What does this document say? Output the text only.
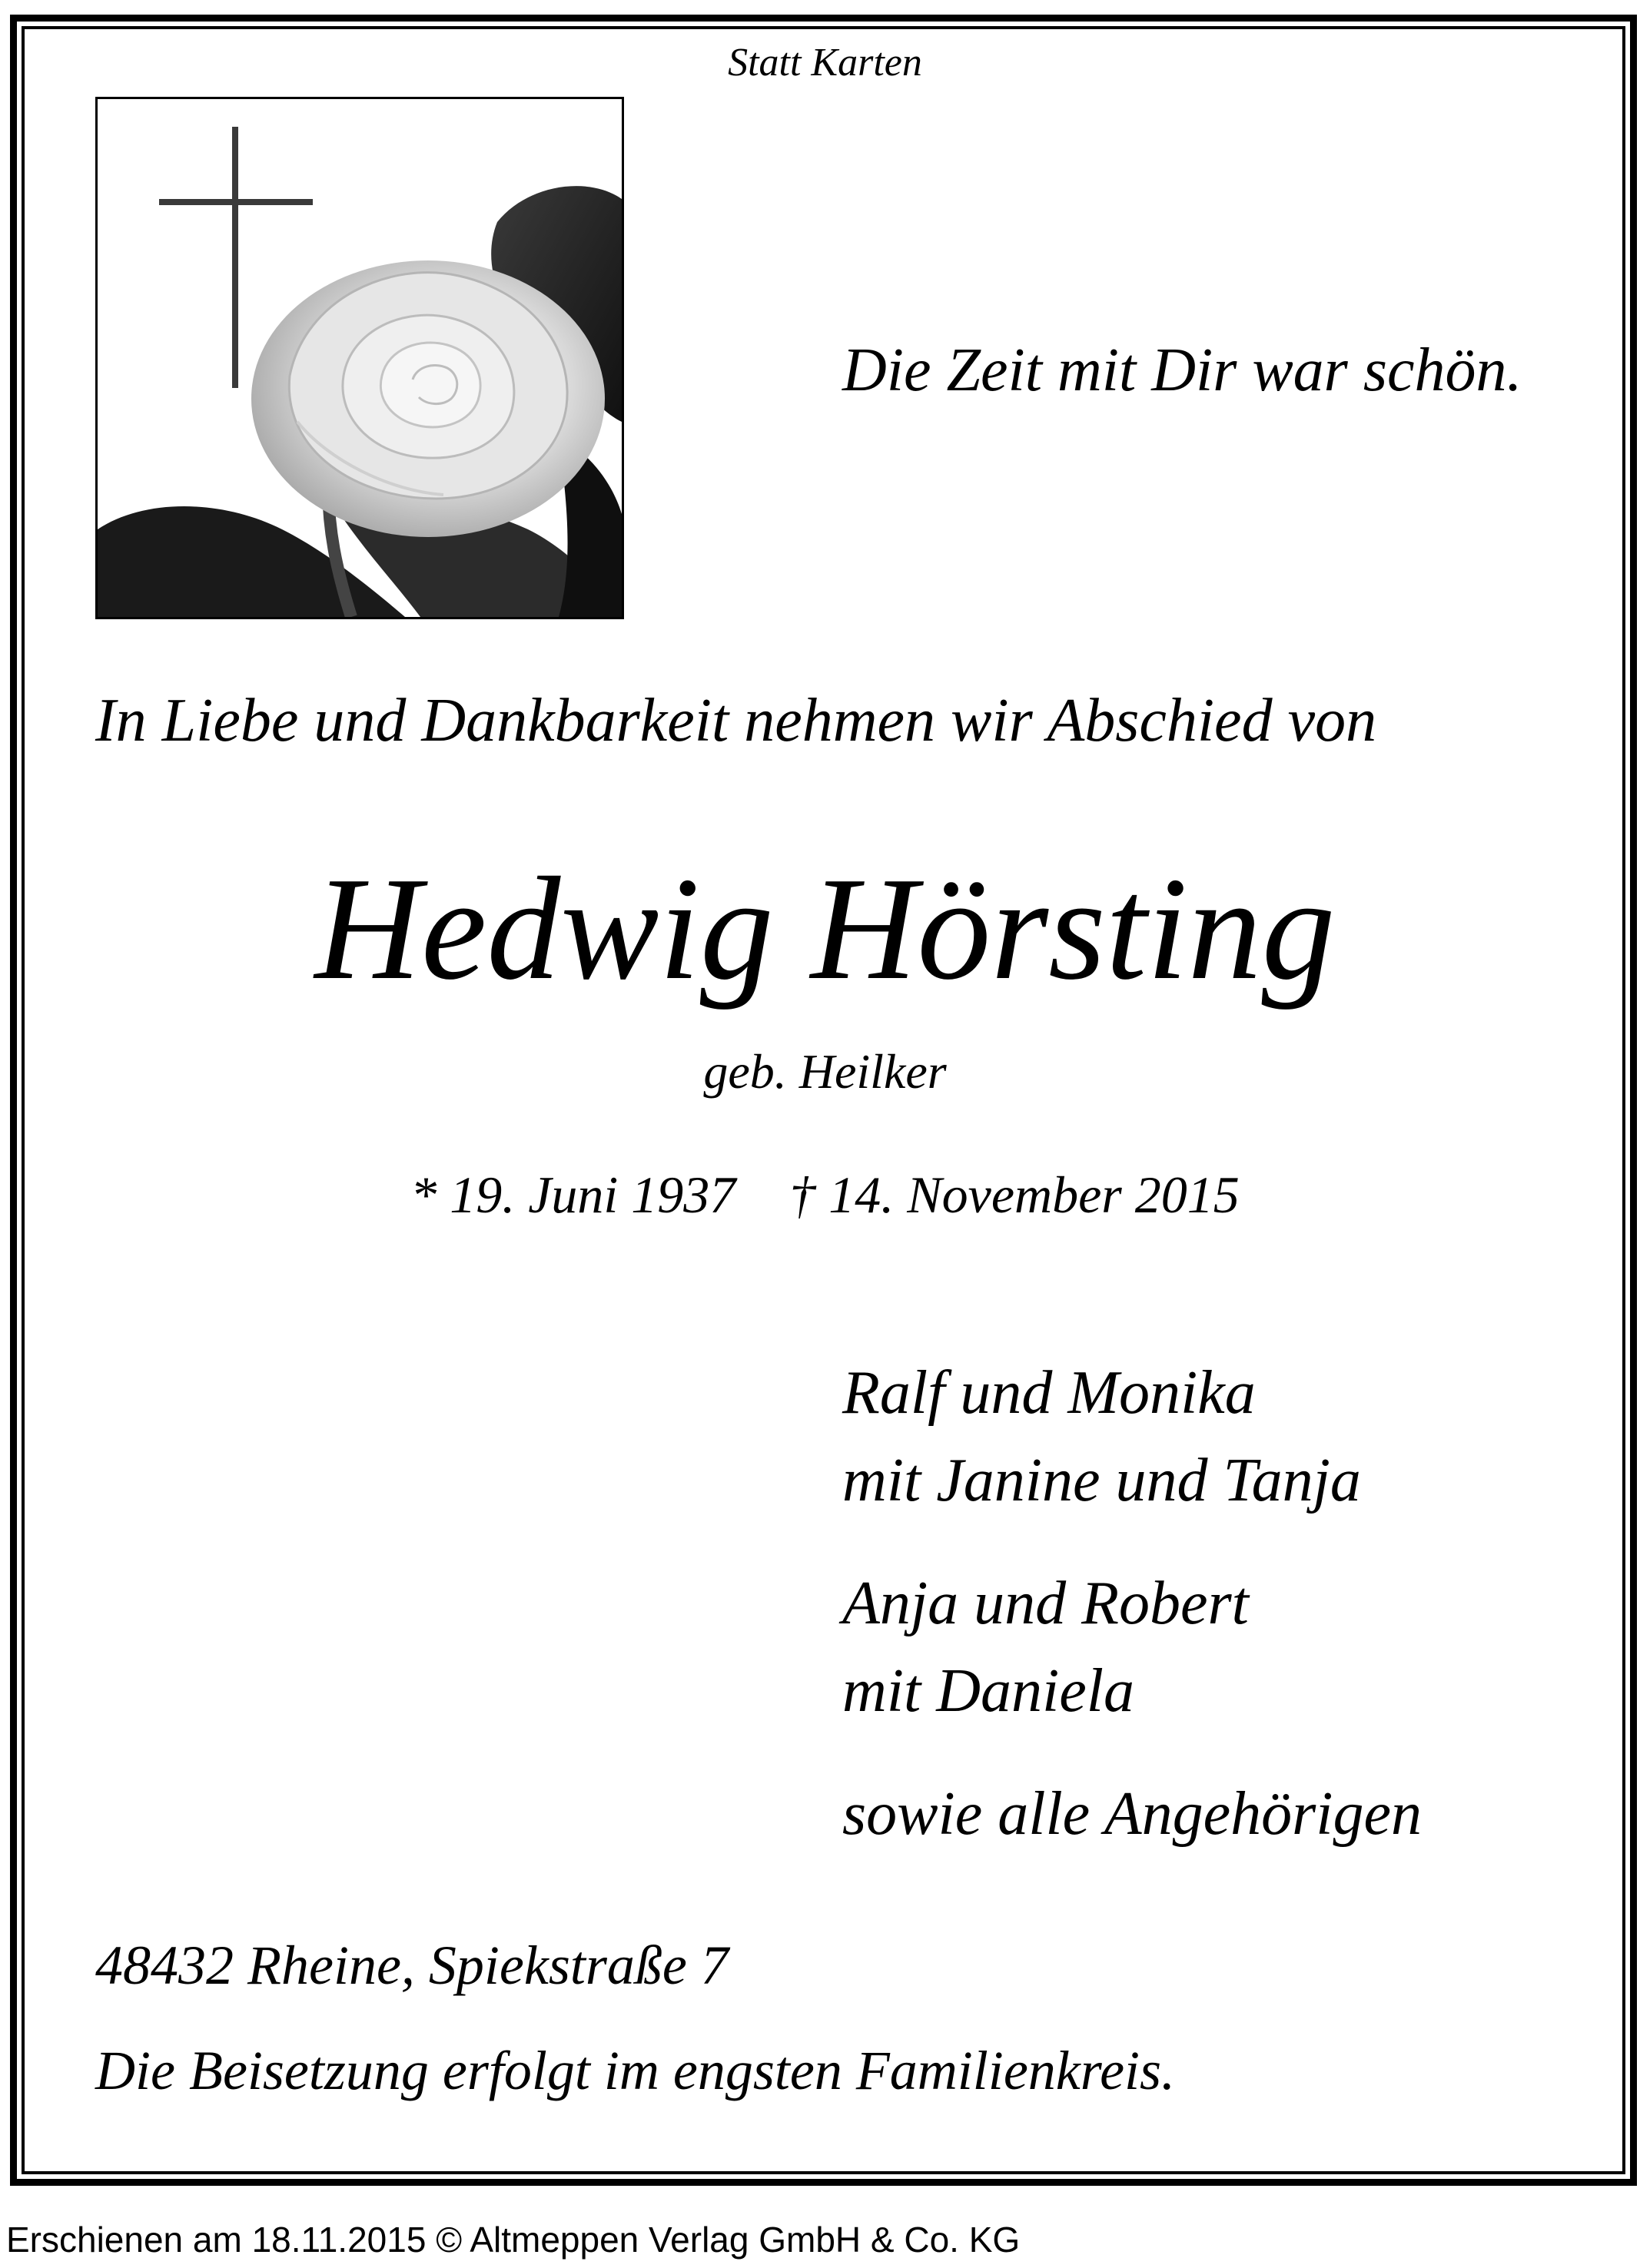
Statt Karten
Die Zeit mit Dir war schön.
In Liebe und Dankbarkeit nehmen wir Abschied von
Hedwig Hörsting
geb. Heilker
* 19. Juni 1937 † 14. November 2015
Ralf und Monika
mit Janine und Tanja
Anja und Robert
mit Daniela
sowie alle Angehörigen
48432 Rheine, Spiekstraße 7
Die Beisetzung erfolgt im engsten Familienkreis.
Erschienen am 18.11.2015 © Altmeppen Verlag GmbH & Co. KG
